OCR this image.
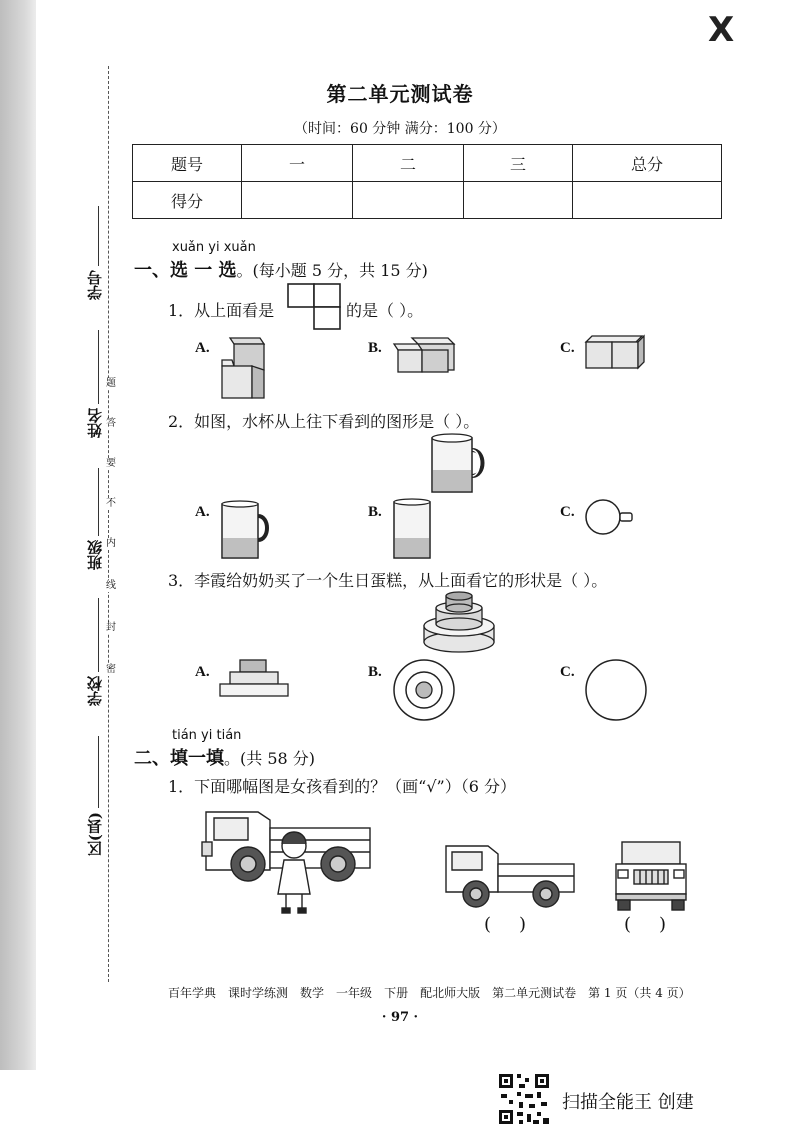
X
学号
姓名
班级
学校
区(县)
题
答
要
不
内
线
封
密
第二单元测试卷
（时间：60 分钟 满分：100 分）
题号	一	二	三	总分
得分				
xuǎn yi xuǎn
一、选 一 选。(每小题 5 分，共 15 分)
1．从上面看是	的是（ ）。
A.	B.	C.
2．如图，水杯从上往下看到的图形是（ ）。
A.	B.	C.
3．李霞给奶奶买了一个生日蛋糕，从上面看它的形状是（ ）。
A.	B.	C.
tián yi tián
二、填一填。(共 58 分)
1．下面哪幅图是女孩看到的？（画“√”）（6 分）
()	()
百年学典 课时学练测 数学 一年级 下册 配北师大版 第二单元测试卷 第 1 页（共 4 页）
· 97 ·
扫描全能王 创建
